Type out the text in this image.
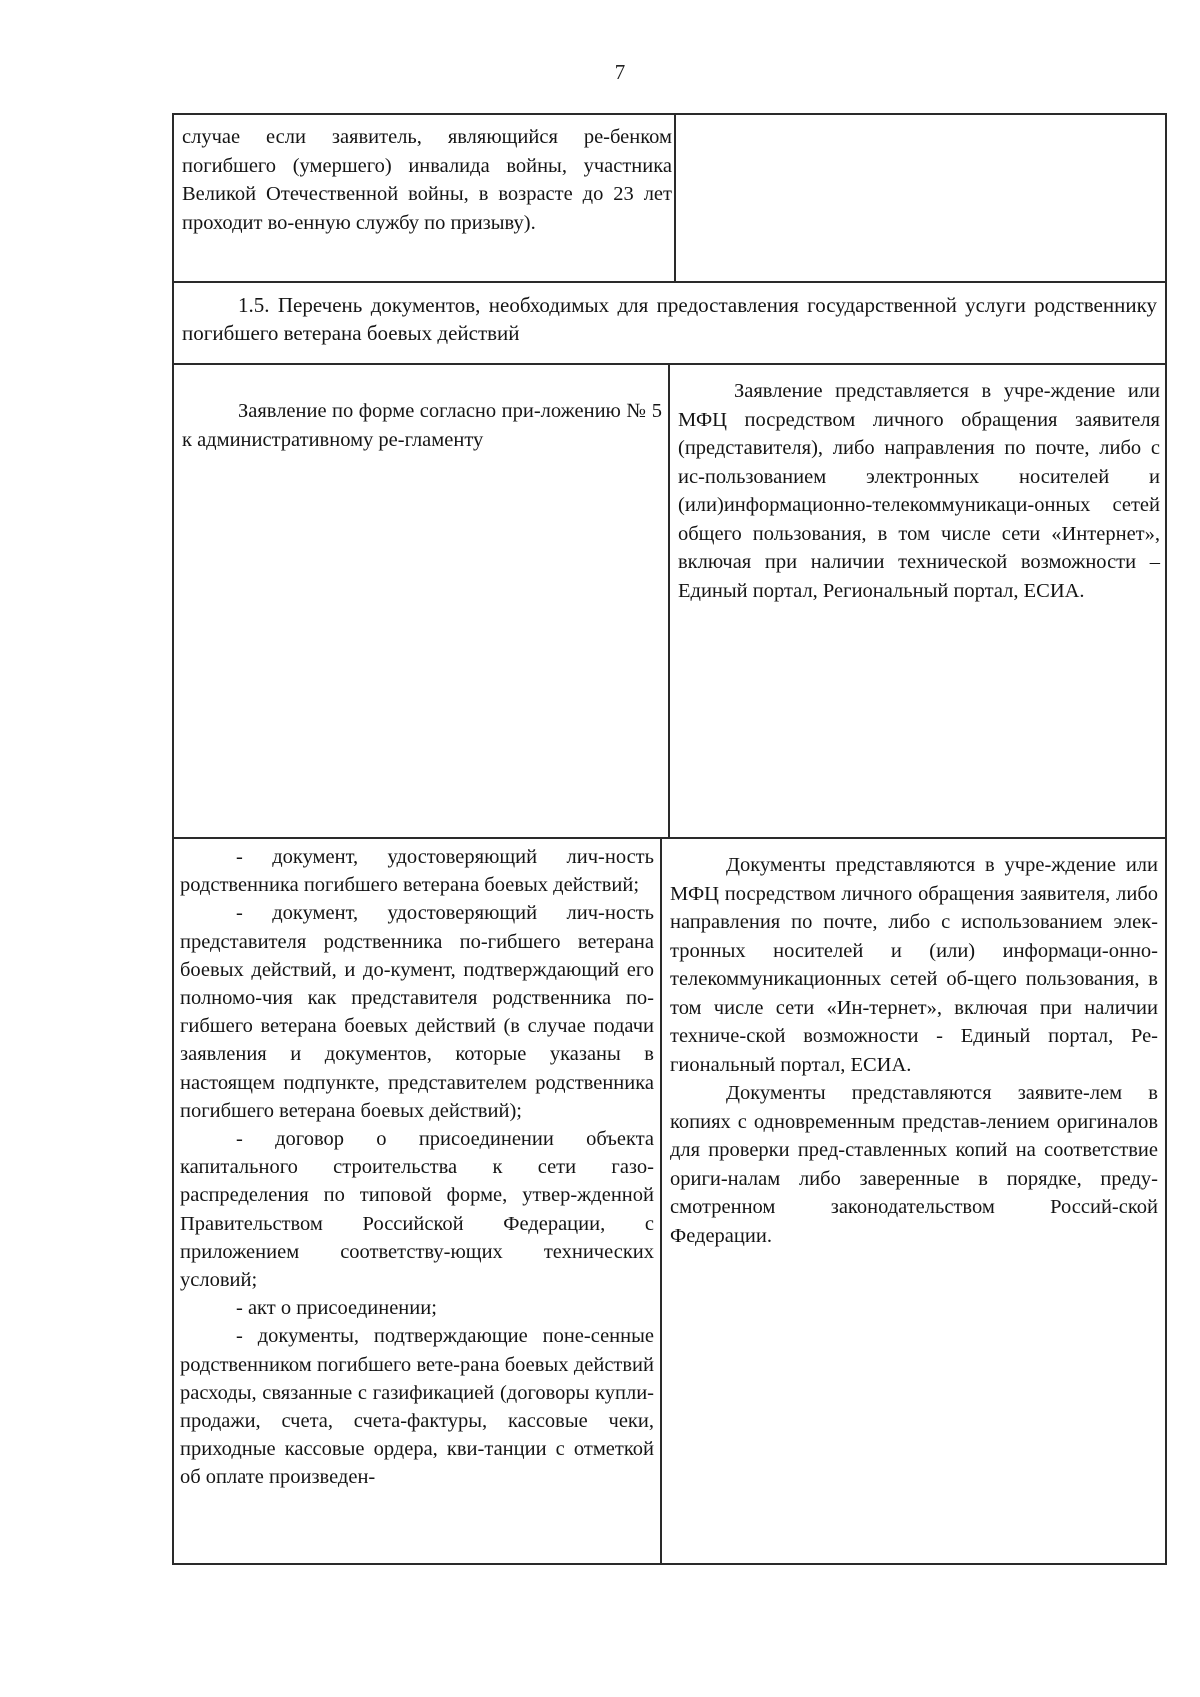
7

случае если заявитель, являющийся ре-бенком погибшего (умершего) инвалида войны, участника Великой Отечественной войны, в возрасте до 23 лет проходит во-енную службу по призыву).

1.5. Перечень документов, необходимых для предоставления государственной услуги родственнику погибшего ветерана боевых действий

Заявление по форме согласно при-ложению № 5 к административному ре-гламенту

Заявление представляется в учре-ждение или МФЦ посредством личного обращения заявителя (представителя), либо направления по почте, либо с ис-пользованием электронных носителей и (или)информационно-телекоммуникаци-онных сетей общего пользования, в том числе сети «Интернет», включая при наличии технической возможности – Единый портал, Региональный портал, ЕСИА.

- документ, удостоверяющий лич-ность родственника погибшего ветерана боевых действий;

- документ, удостоверяющий лич-ность представителя родственника по-гибшего ветерана боевых действий, и до-кумент, подтверждающий его полномо-чия как представителя родственника по-гибшего ветерана боевых действий (в случае подачи заявления и документов, которые указаны в настоящем подпункте, представителем родственника погибшего ветерана боевых действий);

- договор о присоединении объекта капитального строительства к сети газо-распределения по типовой форме, утвер-жденной Правительством Российской Федерации, с приложением соответству-ющих технических условий;

- акт о присоединении;

- документы, подтверждающие поне-сенные родственником погибшего вете-рана боевых действий расходы, связанные с газификацией (договоры купли-продажи, счета, счета-фактуры, кассовые чеки, приходные кассовые ордера, кви-танции с отметкой об оплате произведен-

Документы представляются в учре-ждение или МФЦ посредством личного обращения заявителя, либо направления по почте, либо с использованием элек-тронных носителей и (или) информаци-онно-телекоммуникационных сетей об-щего пользования, в том числе сети «Ин-тернет», включая при наличии техниче-ской возможности - Единый портал, Ре-гиональный портал, ЕСИА.

Документы представляются заявите-лем в копиях с одновременным представ-лением оригиналов для проверки пред-ставленных копий на соответствие ориги-налам либо заверенные в порядке, преду-смотренном законодательством Россий-ской Федерации.
